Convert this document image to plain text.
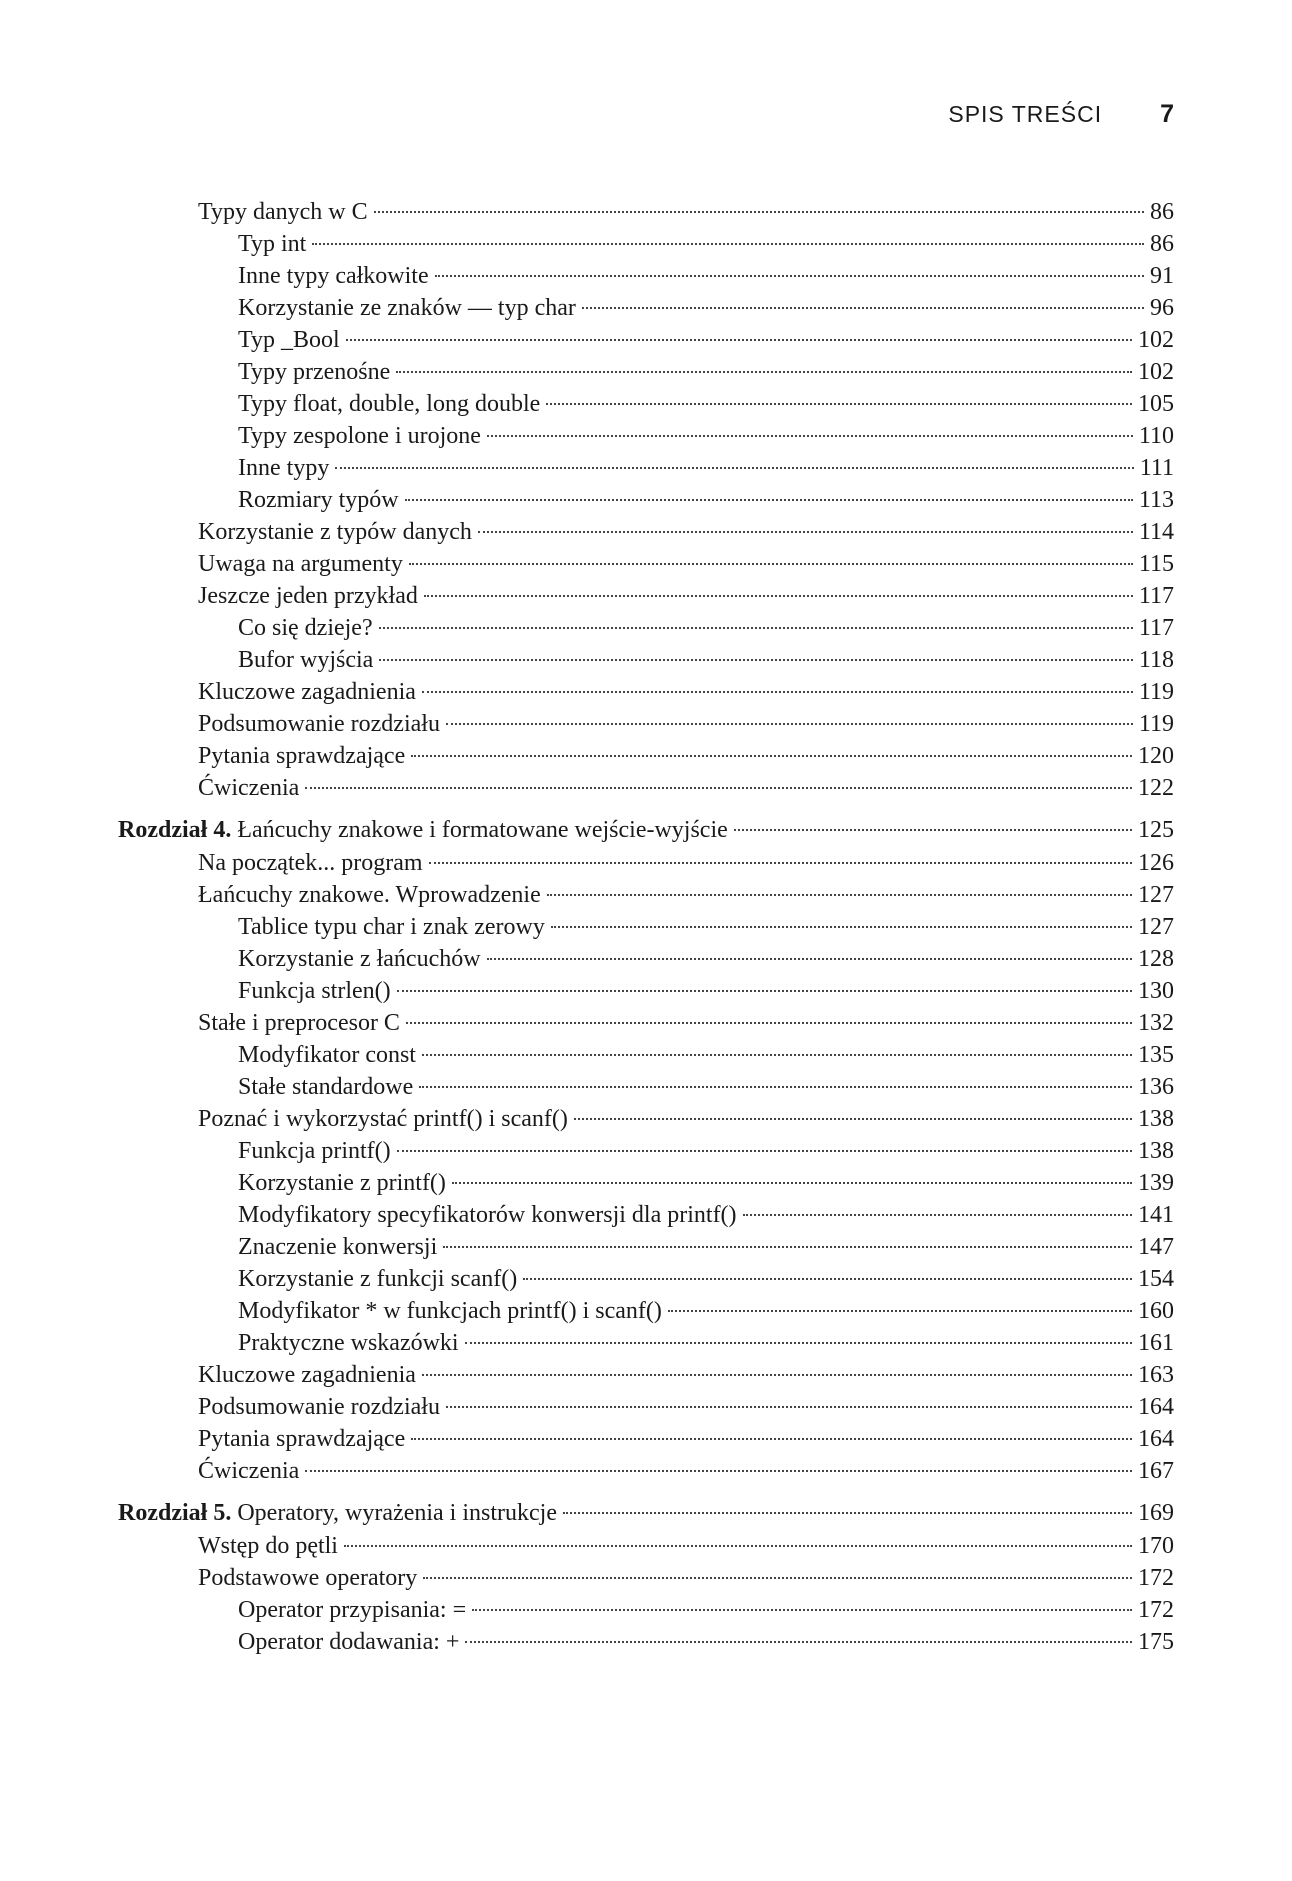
SPIS TREŚCI 7
Typy danych w C	86
Typ int	86
Inne typy całkowite	91
Korzystanie ze znaków — typ char	96
Typ _Bool	102
Typy przenośne	102
Typy float, double, long double	105
Typy zespolone i urojone	110
Inne typy	111
Rozmiary typów	113
Korzystanie z typów danych	114
Uwaga na argumenty	115
Jeszcze jeden przykład	117
Co się dzieje?	117
Bufor wyjścia	118
Kluczowe zagadnienia	119
Podsumowanie rozdziału	119
Pytania sprawdzające	120
Ćwiczenia	122
Rozdział 4. Łańcuchy znakowe i formatowane wejście-wyjście	125
Na początek... program	126
Łańcuchy znakowe. Wprowadzenie	127
Tablice typu char i znak zerowy	127
Korzystanie z łańcuchów	128
Funkcja strlen()	130
Stałe i preprocesor C	132
Modyfikator const	135
Stałe standardowe	136
Poznać i wykorzystać printf() i scanf()	138
Funkcja printf()	138
Korzystanie z printf()	139
Modyfikatory specyfikatorów konwersji dla printf()	141
Znaczenie konwersji	147
Korzystanie z funkcji scanf()	154
Modyfikator * w funkcjach printf() i scanf()	160
Praktyczne wskazówki	161
Kluczowe zagadnienia	163
Podsumowanie rozdziału	164
Pytania sprawdzające	164
Ćwiczenia	167
Rozdział 5. Operatory, wyrażenia i instrukcje	169
Wstęp do pętli	170
Podstawowe operatory	172
Operator przypisania: =	172
Operator dodawania: +	175
